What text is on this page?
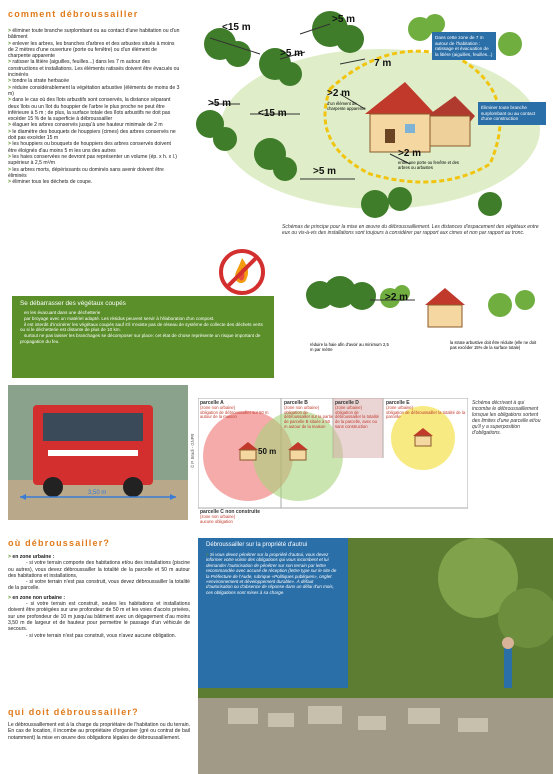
comment débroussailler

> éliminer toute branche surplombant ou au contact d'une habitation ou d'un bâtiment

> enlever les arbres, les branches d'arbres et des arbustes situés à moins de 2 mètres d'une ouverture (porte ou fenêtre) ou d'un élément de charpente apparente

> ratisser la litière (aiguilles, feuilles...) dans les 7 m autour des constructions et installations. Les éléments ratissés doivent être évacués ou incinérés

> tondre la strate herbacée

> réduire considérablement la végétation arbustive (éléments de moins de 3 m)

> dans le cas où des îlots arbustifs sont conservés, la distance séparant deux îlots ou un îlot du houppier de l'arbre le plus proche ne peut être inférieure à 5 m ; de plus, la surface totale des îlots arbustifs ne doit pas excéder 15 % de la superficie à débroussailler

> élaguer les arbres conservés jusqu'à une hauteur minimale de 2 m

> le diamètre des bouquets de houppiers (cimes) des arbres conservés ne doit pas excéder 15 m

> les houppiers ou bouquets de houppiers des arbres conservés doivent être éloignés d'au moins 5 m les uns des autres

> les haies conservées ne devront pas représenter un volume (ép. x h. x l.) supérieur à 2,5 m³/m

> les arbres morts, dépérissants ou dominés sans avenir doivent être éliminés

> éliminer tous les déchets de coupe.

<15 m
>5 m
>5 m
7 m
>5 m
<15 m
>2 m
>2 m
>5 m
d'un élément de charpente apparente
entre une porte ou fenêtre et des arbres ou arbustes
Dans cette zone de 7 m autour de l'habitation : ratissage et évacuation de la litière (aiguilles, feuilles...)
Éliminer toute branche surplombant ou au contact d'une construction
Schémas de principe pour la mise en œuvre du débroussaillement. Les distances d'espacement des végétaux entre eux ou vis-à-vis des installations sont toujours à considérer par rapport aux cimes et non par rapport au tronc.
Se débarrasser des végétaux coupés

> en les évacuant dans une déchetterie

> par broyage avec un matériel adapté. Les résidus peuvent servir à l'élaboration d'un compost.

> il est interdit d'incinérer les végétaux coupés sauf s'il n'existe pas de réseau de système de collecte des déchets verts ou si le déchetterie est distante de plus de 10 km.

> surtout ne pas laisser les branchages se décomposer sur place: cet état de chose représente un risque important de propagation du feu.

>2 m
réduire la haie afin d'avoir au minimum 2,5 m par mètre
la strate arbustive doit être réduite (elle ne doit pas excéder 15% de la surface totale)
3,50 m
© P. Bradi - GNPR
parcelle A
(zone non urbaine)
obligation de débroussailler sur 50 m autour de la maison
parcelle B
(zone non urbaine)
obligation de débroussailler sur la partie de parcelle B située à 50 m autour de la maison
parcelle D
(zone urbaine)
obligation de débroussailler la totalité de la parcelle, avec ou sans construction
parcelle E
(zone urbaine)
obligation de débroussailler la totalité de la parcelle
parcelle C non construite
(zone non urbaine)
aucune obligation
50 m
Schéma décrivant à qui incombe le débroussaillement lorsque les obligations sortent des limites d'une parcelle et/ou qu'il y a superposition d'obligations.
où débroussailler?

> en zone urbaine :

- si votre terrain comporte des habitations et/ou des installations (piscine ou autres), vous devez débroussailler la totalité de la parcelle et 50 m autour des habitations et installations,

- si votre terrain n'est pas construit, vous devez débroussailler la totalité de la parcelle.

> en zone non urbaine :

- si votre terrain est construit, seules les habitations et installations doivent être protégées sur une profondeur de 50 m et les voies d'accès privées, sur une profondeur de 10 m jusqu'au bâtiment avec un dégagement d'au moins 3,50 m de largeur et de hauteur pour permettre le passage d'un véhicule de secours.

- si votre terrain n'est pas construit, vous n'avez aucune obligation.

qui doit débroussailler?
Le débroussaillement est à la charge du propriétaire de l'habitation ou du terrain. En cas de location, il incombe au propriétaire d'organiser (gré ou contrat de bail notamment) la mise en œuvre des obligations légales de débroussaillement.
Débroussailler sur la propriété d'autrui
> Si vous devez pénétrer sur la propriété d'autrui, vous devez informer votre voisin des obligations qui vous incombent et lui demander l'autorisation de pénétrer sur son terrain par lettre recommandée avec accusé de réception (lettre type sur le site de la Préfecture de l'Aude, rubrique «Politiques publiques», onglet «environnement et développement durable». À défaut d'autorisation ou d'absence de réponse dans un délai d'un mois, ces obligations sont mises à sa charge.
